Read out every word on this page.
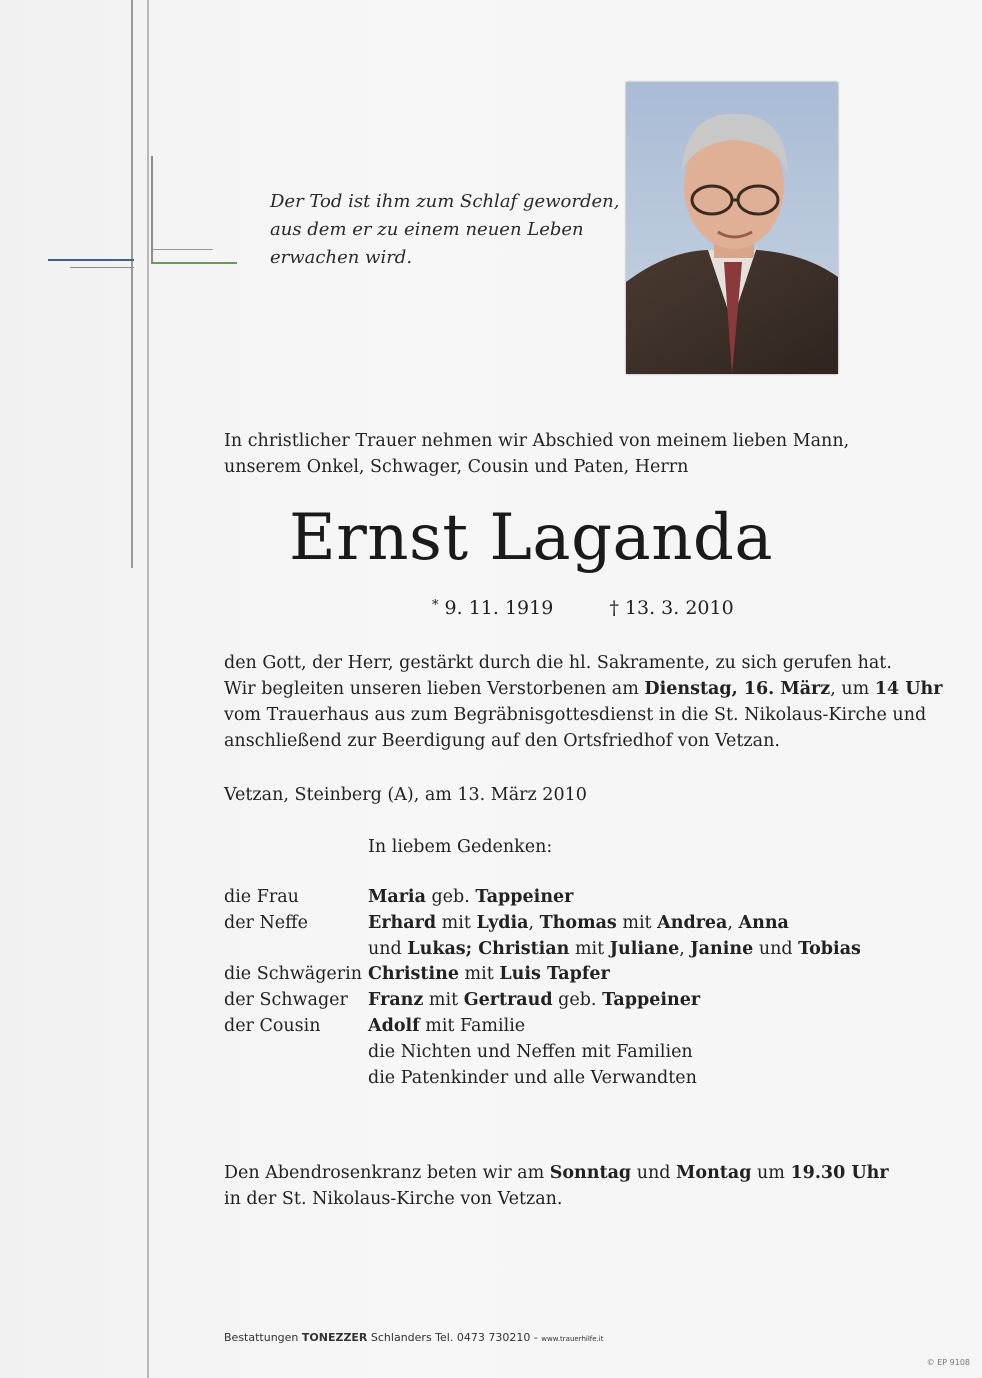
Der Tod ist ihm zum Schlaf geworden,
aus dem er zu einem neuen Leben
erwachen wird.
In christlicher Trauer nehmen wir Abschied von meinem lieben Mann,
unserem Onkel, Schwager, Cousin und Paten, Herrn
Ernst Laganda
* 9. 11. 1919	† 13. 3. 2010
den Gott, der Herr, gestärkt durch die hl. Sakramente, zu sich gerufen hat.
Wir begleiten unseren lieben Verstorbenen am Dienstag, 16. März, um 14 Uhr
vom Trauerhaus aus zum Begräbnisgottesdienst in die St. Nikolaus-Kirche und
anschließend zur Beerdigung auf den Ortsfriedhof von Vetzan.
Vetzan, Steinberg (A), am 13. März 2010
In liebem Gedenken:
die Frau	Maria geb. Tappeiner
der Neffe	Erhard mit Lydia, Thomas mit Andrea, Anna
und Lukas; Christian mit Juliane, Janine und Tobias
die Schwägerin Christine mit Luis Tapfer
der Schwager	Franz mit Gertraud geb. Tappeiner
der Cousin	Adolf mit Familie
die Nichten und Neffen mit Familien
die Patenkinder und alle Verwandten
Den Abendrosenkranz beten wir am Sonntag und Montag um 19.30 Uhr
in der St. Nikolaus-Kirche von Vetzan.
Bestattungen TONEZZER Schlanders Tel. 0473 730210 - www.trauerhilfe.it
© EP 9108
